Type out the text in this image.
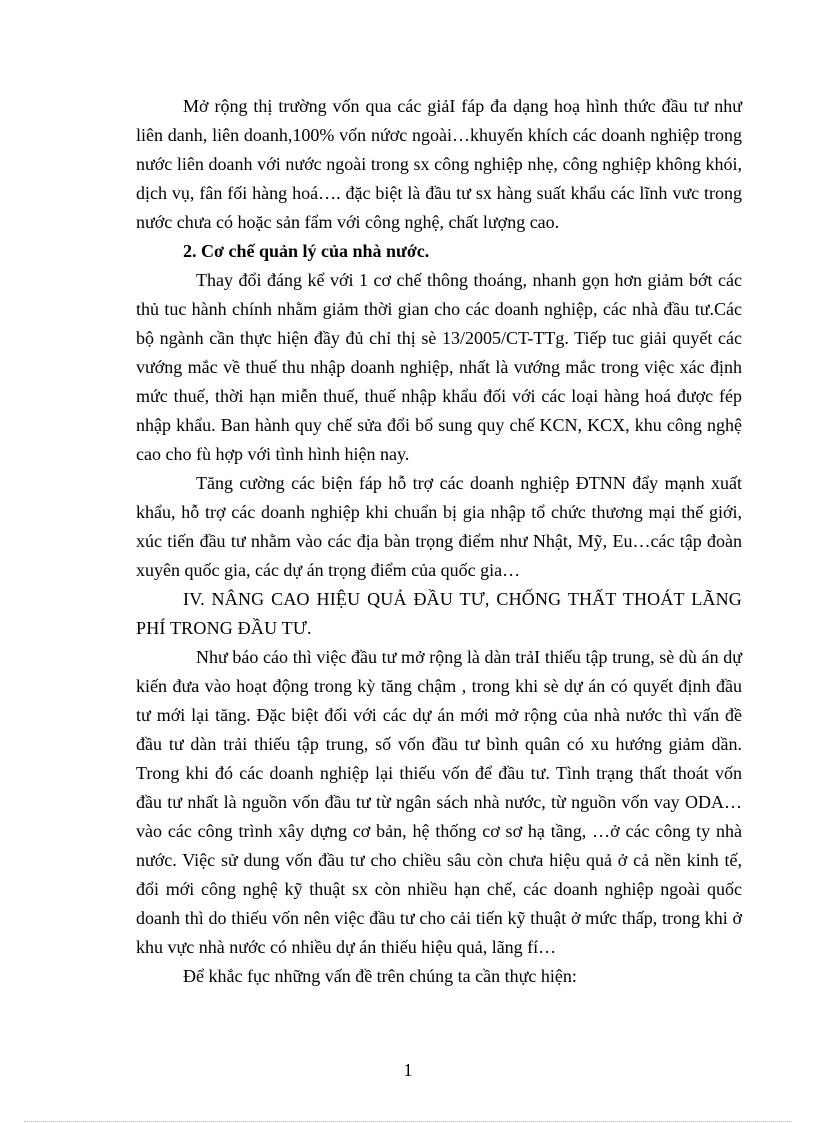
Mở rộng thị trường vốn qua các giảI fáp đa dạng hoạ hình thức đầu tư như liên danh, liên doanh,100% vốn nứơc ngoài…khuyến khích các doanh nghiệp trong nước liên doanh với nước ngoài trong sx công nghiệp nhẹ, công nghiệp không khói, dịch vụ, fân fối hàng hoá…. đặc biệt là đầu tư sx hàng suất khẩu các lĩnh vưc trong nước chưa có hoặc sản fẩm với công nghệ, chất lượng cao.

2. Cơ chế quản lý của nhà nước.

Thay đổi đáng kể với 1 cơ chế thông thoáng, nhanh gọn hơn giảm bớt các thủ tuc hành chính nhằm giảm thời gian cho các doanh nghiệp, các nhà đầu tư.Các bộ ngành cần thực hiện đầy đủ chỉ thị sè 13/2005/CT-TTg. Tiếp tuc giải quyết các vướng mắc về thuế thu nhập doanh nghiệp, nhất là vướng mắc trong việc xác định mức thuế, thời hạn miễn thuế, thuế nhập khẩu đối với các loại hàng hoá được fép nhập khẩu. Ban hành quy chế sửa đổi bổ sung quy chế KCN, KCX, khu công nghệ cao cho fù hợp với tình hình hiện nay.

Tăng cường các biện fáp hỗ trợ các doanh nghiệp ĐTNN đẩy mạnh xuất khẩu, hỗ trợ các doanh nghiệp khi chuẩn bị gia nhập tổ chức thương mại thế giới, xúc tiến đầu tư nhằm vào các địa bàn trọng điểm như Nhật, Mỹ, Eu…các tập đoàn xuyên quốc gia, các dự án trọng điểm của quốc gia…

IV. NÂNG CAO HIỆU QUẢ ĐẦU TƯ, CHỐNG THẤT THOÁT LÃNG PHÍ TRONG ĐẦU TƯ.

Như báo cáo thì việc đầu tư mở rộng là dàn trảI thiếu tập trung, sè dù án dự kiến đưa vào hoạt động trong kỳ tăng chậm , trong khi sè dự án có quyết định đầu tư mới lại tăng. Đặc biệt đối với các dự án mới mở rộng của nhà nước thì vấn đề đầu tư dàn trải thiếu tập trung, số vốn đầu tư bình quân có xu hướng giảm dần. Trong khi đó các doanh nghiệp lại thiếu vốn để đầu tư. Tình trạng thất thoát vốn đầu tư nhất là nguồn vốn đầu tư từ ngân sách nhà nước, từ nguồn vốn vay ODA…vào các công trình xây dựng cơ bản, hệ thống cơ sơ hạ tầng, …ở các công ty nhà nước. Việc sử dung vốn đầu tư cho chiều sâu còn chưa hiệu quả ở cả nền kinh tế, đổi mới công nghệ kỹ thuật sx còn nhiều hạn chế, các doanh nghiệp ngoài quốc doanh thì do thiếu vốn nên việc đầu tư cho cải tiến kỹ thuật ở mức thấp, trong khi ở khu vực nhà nước có nhiều dự án thiếu hiệu quả, lãng fí…

Để khắc fục những vấn đề trên chúng ta cần thực hiện:

1
